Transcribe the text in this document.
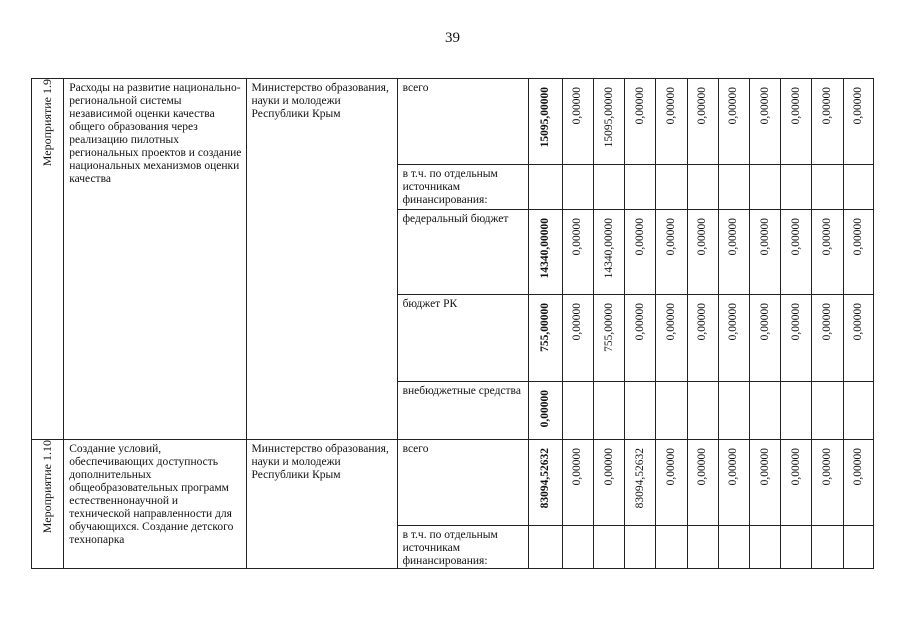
39
Мероприятие 1.9	Расходы на развитие национально-региональной системы независимой оценки качества общего образования через реализацию пилотных региональных проектов и создание национальных механизмов оценки качества	Министерство образования, науки и молодежи Республики Крым	всего	15095,00000	0,00000	15095,00000	0,00000	0,00000	0,00000	0,00000	0,00000	0,00000	0,00000	0,00000

			в т.ч. по отдельным источникам финансирования:											

			федеральный бюджет	14340,00000	0,00000	14340,00000	0,00000	0,00000	0,00000	0,00000	0,00000	0,00000	0,00000	0,00000

			бюджет РК	755,00000	0,00000	755,00000	0,00000	0,00000	0,00000	0,00000	0,00000	0,00000	0,00000	0,00000

			внебюджетные средства	0,00000										

Мероприятие 1.10	Создание условий, обеспечивающих доступность дополнительных общеобразовательных программ естественнонаучной и технической направленности для обучающихся. Создание детского технопарка	Министерство образования, науки и молодежи Республики Крым	всего	83094,52632	0,00000	0,00000	83094,52632	0,00000	0,00000	0,00000	0,00000	0,00000	0,00000	0,00000

			в т.ч. по отдельным источникам финансирования:											
